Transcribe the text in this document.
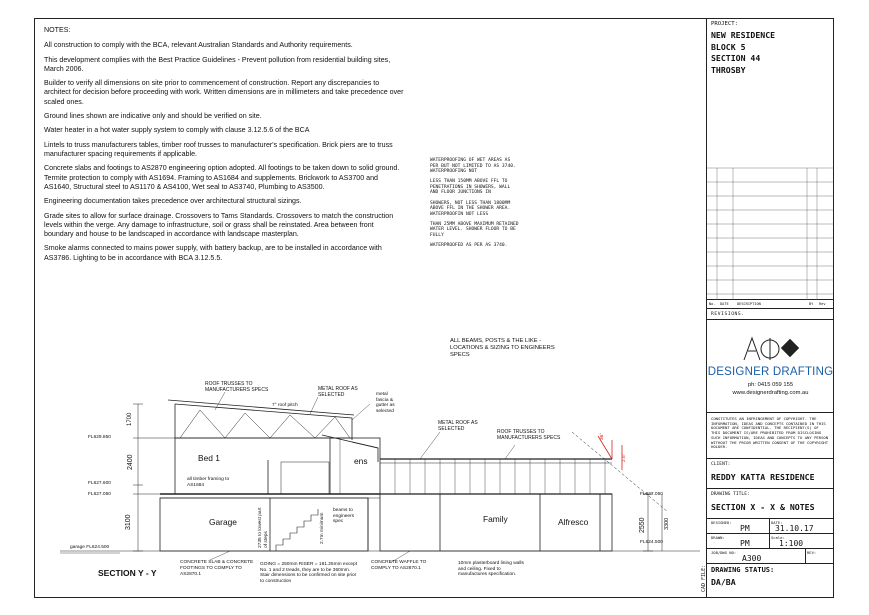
NOTES:

All construction to comply with the BCA, relevant Australian Standards and Authority requirements.

This development complies with the Best Practice Guidelines - Prevent pollution from residential building sites, March 2006.

Builder to verify all dimensions on site prior to commencement of construction. Report any discrepancies to architect for decision before proceeding with work. Written dimensions are in millimeters and take precedence over scaled ones.

Ground lines shown are indicative only and should be verified on site.

Water heater in a hot water supply system to comply with clause 3.12.5.6 of the BCA

Lintels to truss manufacturers tables, timber roof trusses to manufacturer's specification. Brick piers are to truss manufacturer spacing requirements if applicable.

Concrete slabs and footings to AS2870 engineering option adopted. All footings to be taken down to solid ground. Termite protection to comply with AS1694. Framing to AS1684 and supplements. Brickwork to AS3700 and AS1640, Structural steel to AS1170 & AS4100, Wet seal to AS3740, Plumbing to AS3500.

Engineering documentation takes precedence over architectural structural sizings.

Grade sites to allow for surface drainage. Crossovers to Tams Standards. Crossovers to match the construction levels within the verge. Any damage to infrastructure, soil or grass shall be reinstated. Area between front boundary and house to be landscaped in accordance with landscape masterplan.

Smoke alarms connected to mains power supply, with battery backup, are to be installed in accordance with AS3786. Lighting to be in accordance with BCA 3.12.5.5.

WATERPROOFING OF WET AREAS AS PER BUT NOT LIMITED TO AS 3740. WATERPROOFING NOT
LESS THAN 150MM ABOVE FFL TO PENETRATIONS IN SHOWERS, WALL AND FLOOR JUNCTIONS IN
SHOWERS, NOT LESS THAN 1800MM ABOVE FFL IN THE SHOWER AREA. WATERPROOFIN NOT LESS
THAN 25MM ABOVE MAXIMUM RETAINED WATER LEVEL. SHOWER FLOOR TO BE FULLY
WATERPROOFED AS PER AS 3740.
ALL BEAMS, POSTS & THE LIKE - LOCATIONS & SIZING TO ENGINEERS SPECS
ROOF TRUSSES TO MANUFACTURERS SPECS	METAL ROOF AS SELECTED	metal fascia & gutter as selected
7° roof pitch
METAL ROOF AS SELECTED	ROOF TRUSSES TO MANUFACTURERS SPECS
Bed 1	ens
Garage	Family	Alfresco
all timber framing to AS1684
beams to engineers spec
2.7m minimum
2735 to lowest part of steps
FL629.850
FL627.600
FL627.050
garage FL624.500
FL627.050
FL624.500
1700
2400
3100	2550	3300
36°
2.5°
CONCRETE SLAB & CONCRETE FOOTINGS TO COMPLY TO AS2870.1
GOING = 250mm RISER = 181.25mm except No. 1 and 2 treads, they are to be 360mm. Stair dimensions to be confirmed on site prior to construction
CONCRETE WAFFLE TO COMPLY TO AS2870.1
10mm plasterboard lining walls and ceiling. Fixed to manufactures specification.
SECTION Y - Y
PROJECT:
NEW RESIDENCE
BLOCK 5
SECTION 44
THROSBY
No. DATE DESCRIPTION	BY Rev
REVISIONS.
DESIGNER DRAFTING
ph: 0415 059 155
www.designerdrafting.com.au
CONSTITUTES AN INFRINGEMENT OF COPYRIGHT. THE INFORMATION, IDEAS AND CONCEPTS CONTAINED IN THIS DOCUMENT ARE CONFIDENTIAL. THE RECIPIENT(S) OF THIS DOCUMENT IS/ARE PROHIBITED FROM DISCLOSING SUCH INFORMATION, IDEAS AND CONCEPTS TO ANY PERSON WITHOUT THE PRIOR WRITTEN CONSENT OF THE COPYRIGHT HOLDER.
CLIENT:
REDDY KATTA RESIDENCE
DRAWING TITLE:
SECTION X - X & NOTES
DESIGNED:
PM
DATE:
31.10.17
DRAWN:
PM
Scale:
1:100
JOB/DWG NO:
A300
REV:
DRAWING STATUS:
DA/BA
CAD FILE:
